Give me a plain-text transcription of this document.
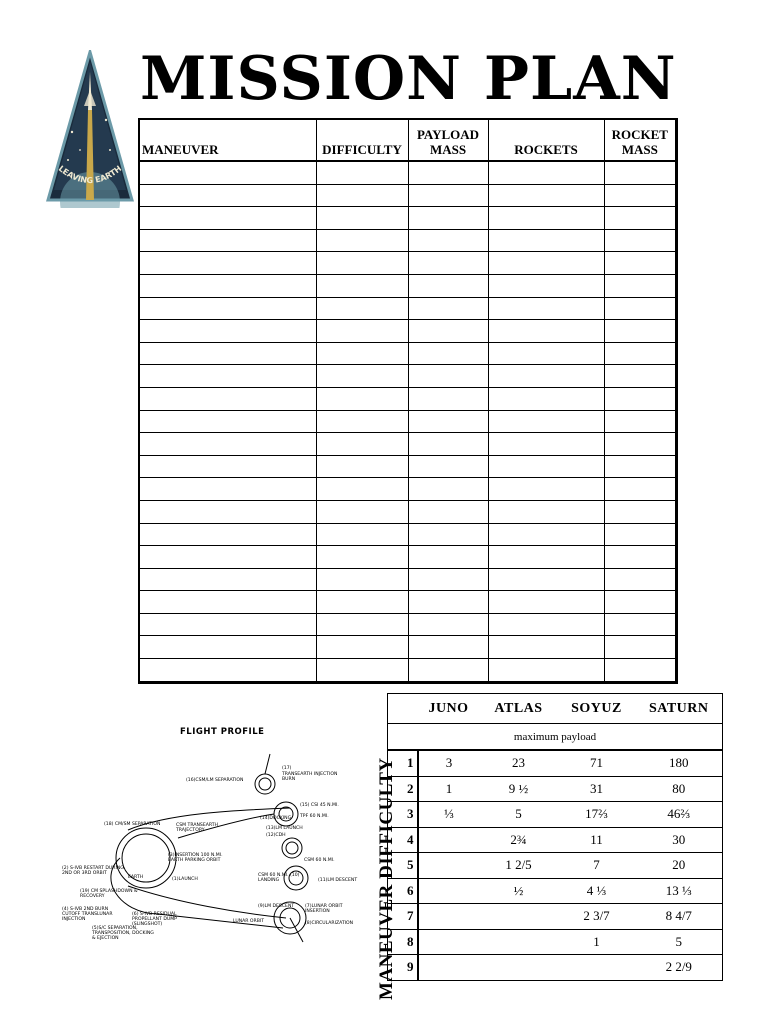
LEAVING EARTH
MISSION PLAN
MANEUVER	DIFFICULTY	PAYLOAD MASS	ROCKETS	ROCKET MASS

FLIGHT PROFILE
(17)
TRANSEARTH INJECTION BURN
(16)CSM/LM SEPARATION
(15) CSI 45 N.MI.
TPF 60 N.MI.
(14)DOCKING
(13)LM LAUNCH
(12)CDH
CSM TRANSEARTH TRAJECTORY
(18) CM/SM SEPARATION
(3)INSERTION 100 N.MI. EARTH PARKING ORBIT
EARTH	(1)LAUNCH
(2) S-IVB RESTART DURING 2ND OR 3RD ORBIT
(19) CM SPLASHDOWN & RECOVERY
(4) S-IVB 2ND BURN CUTOFF TRANSLUNAR INJECTION
(5)S/C SEPARATION, TRANSPOSITION, DOCKING & EJECTION
(6) S-IVB RESIDUAL PROPELLANT DUMP (SLINGSHOT)
CSM 60 N.MI.
(11)LM DESCENT
CSM 60 N.MI. (10) LANDING
(9)LM DESCENT
(8)CIRCULARIZATION
(7)LUNAR ORBIT INSERTION
LUNAR ORBIT	MANEUVER DIFFICULTY
	JUNO	ATLAS	SOYUZ	SATURN
maximum payload				
1	3	23	71	180
2	1	9 ½	31	80
3	⅓	5	17⅔	46⅔
4		2¾	11	30
5		1 2/5	7	20
6		½	4 ⅓	13 ⅓
7			2 3/7	8 4/7
8			1	5
9				2 2/9
